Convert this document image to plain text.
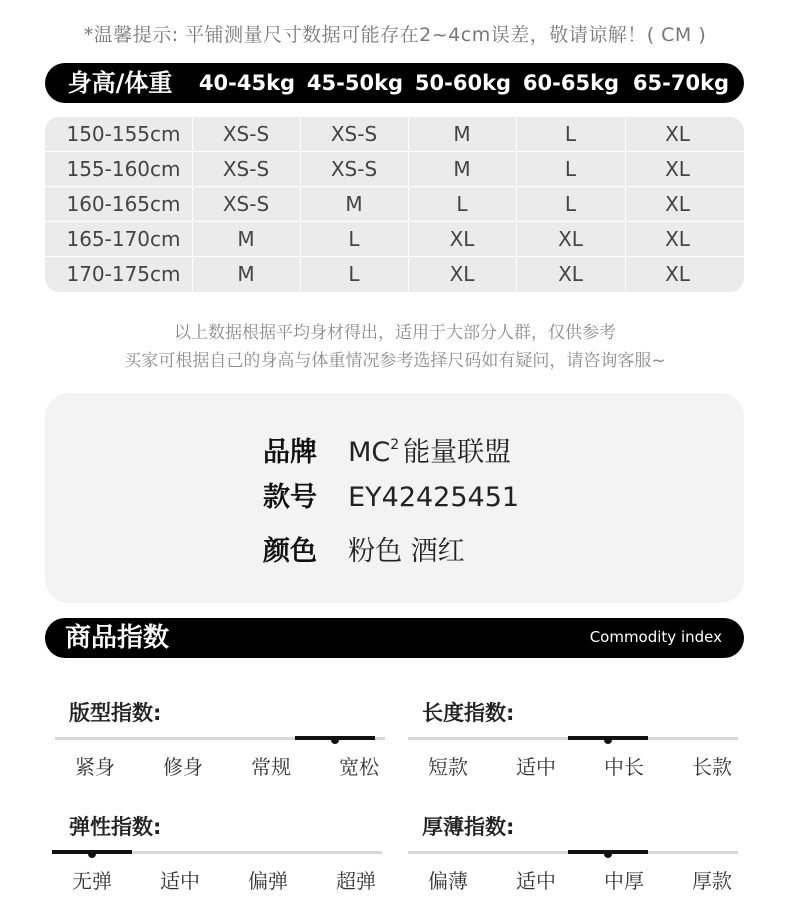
*温馨提示: 平铺测量尺寸数据可能存在2~4cm误差，敬请谅解！( CM )
身高/体重	40-45kg 45-50kg 50-60kg 60-65kg 65-70kg
150-155cm	XS-S	XS-S	M	L	XL
155-160cm	XS-S	XS-S	M	L	XL
160-165cm	XS-S	M	L	L	XL
165-170cm	M	L	XL	XL	XL
170-175cm	M	L	XL	XL	XL
以上数据根据平均身材得出，适用于大部分人群，仅供参考
买家可根据自己的身高与体重情况参考选择尺码如有疑问，请咨询客服~
品牌 $MC^2$ 能量联盟
款号 EY42425451
颜色 粉色 酒红
商品指数	Commodity index
版型指数:
紧身	修身	常规	宽松
长度指数:
短款	适中	中长	长款
弹性指数:
无弹	适中	偏弹	超弹
厚薄指数:
偏薄	适中	中厚	厚款
